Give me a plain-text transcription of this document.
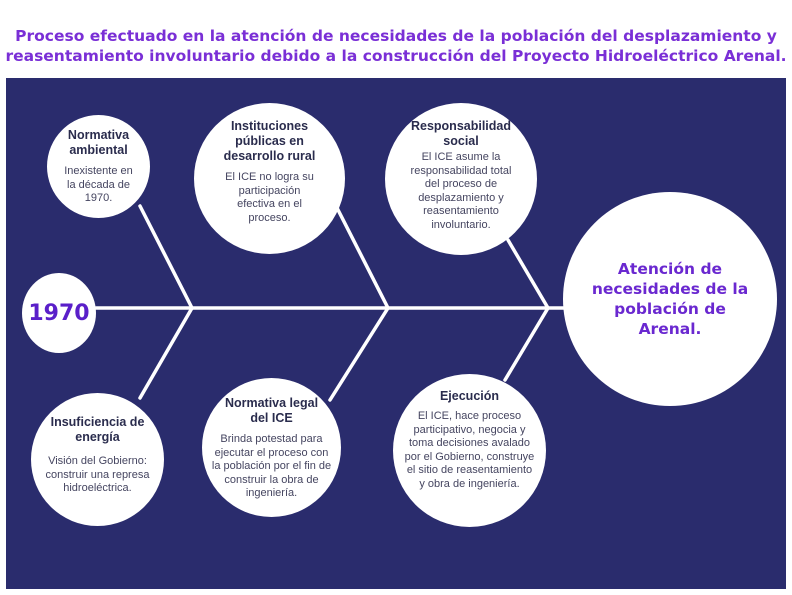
Proceso efectuado en la atención de necesidades de la población del desplazamiento y
reasentamiento involuntario debido a la construcción del Proyecto Hidroeléctrico Arenal.
1970
Normativa ambiental
Inexistente en la década de 1970.
Instituciones públicas en desarrollo rural
El ICE no logra su participación efectiva en el proceso.
Responsabilidad social
El ICE asume la responsabilidad total del proceso de desplazamiento y reasentamiento involuntario.
Insuficiencia de energía
Visión del Gobierno: construir una represa hidroeléctrica.
Normativa legal del ICE
Brinda potestad para ejecutar el proceso con la población por el fin de construir la obra de ingeniería.
Ejecución
El ICE, hace proceso participativo, negocia y toma decisiones avalado por el Gobierno, construye el sitio de reasentamiento y obra de ingeniería.
Atención de necesidades de la población de Arenal.
